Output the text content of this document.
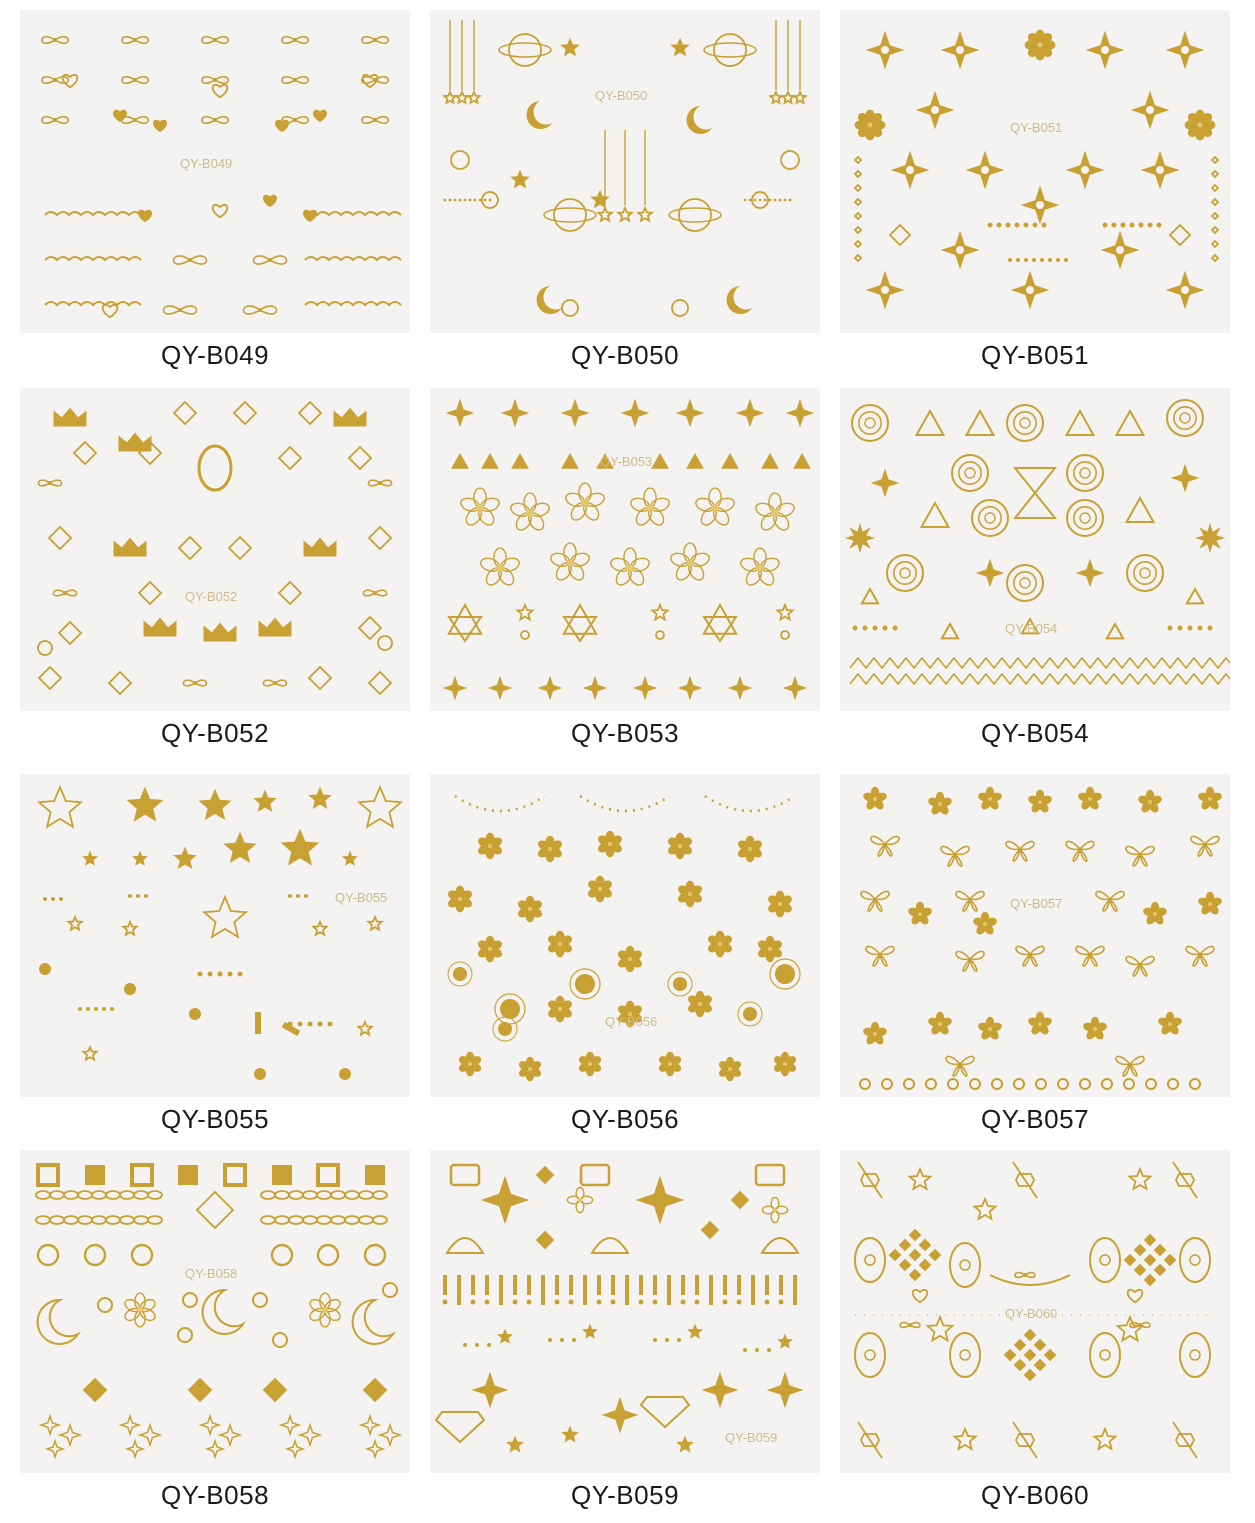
QY-B049
QY-B049
QY-B050
QY-B050
QY-B051
QY-B051
QY-B052
QY-B052
QY-B053
QY-B053
QY-B054
QY-B054
QY-B055
QY-B055
QY-B056
QY-B056
QY-B057
QY-B057
QY-B058
QY-B058
QY-B059
QY-B059
QY-B060
QY-B060
